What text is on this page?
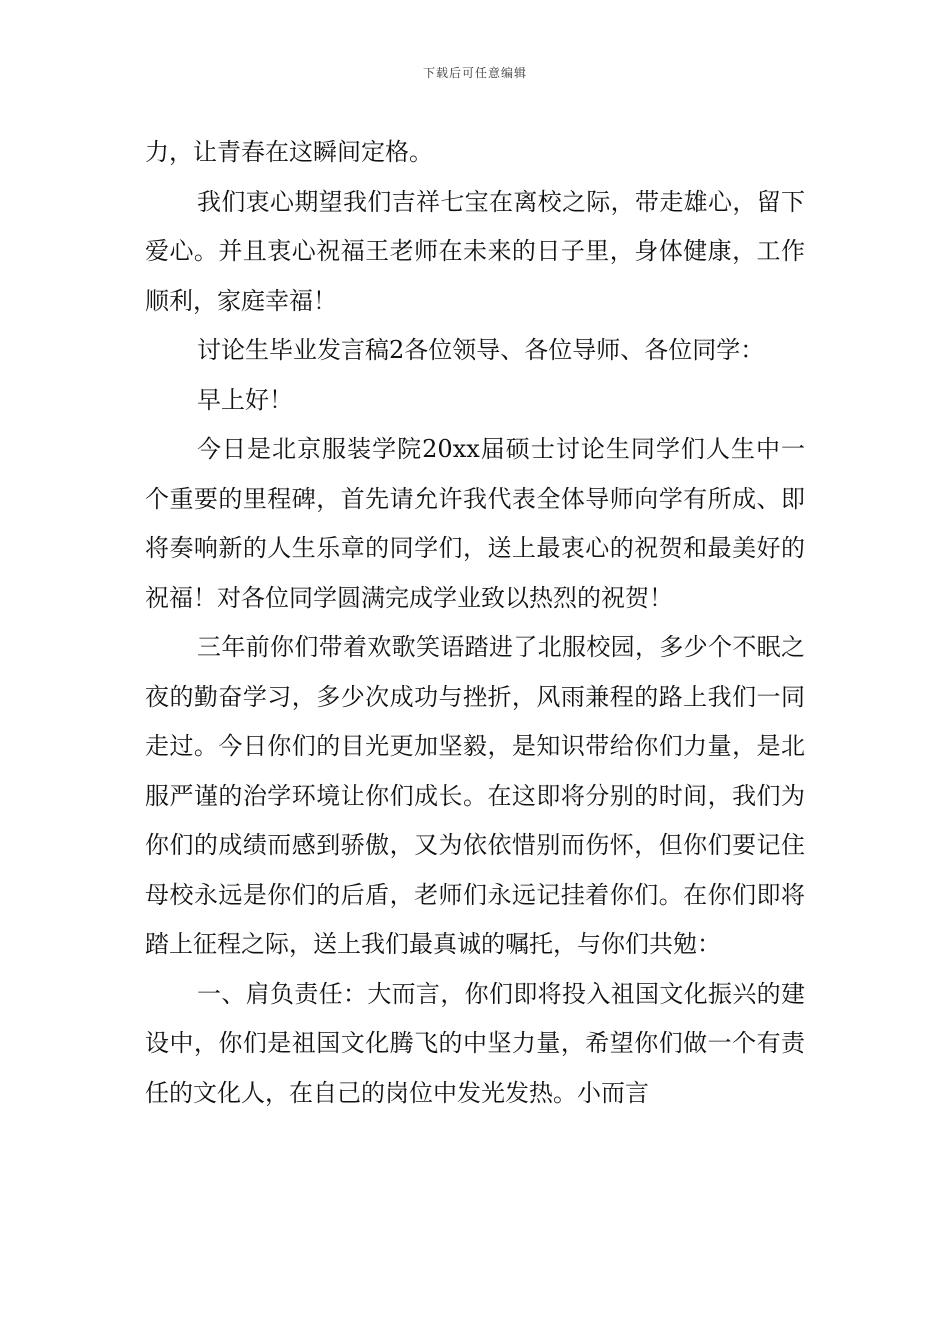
下载后可任意编辑

力，让青春在这瞬间定格。

我们衷心期望我们吉祥七宝在离校之际，带走雄心，留下爱心。并且衷心祝福王老师在未来的日子里，身体健康，工作顺利，家庭幸福！

讨论生毕业发言稿2各位领导、各位导师、各位同学：

早上好！

今日是北京服装学院20xx届硕士讨论生同学们人生中一个重要的里程碑，首先请允许我代表全体导师向学有所成、即将奏响新的人生乐章的同学们，送上最衷心的祝贺和最美好的祝福！对各位同学圆满完成学业致以热烈的祝贺！

三年前你们带着欢歌笑语踏进了北服校园，多少个不眠之夜的勤奋学习，多少次成功与挫折，风雨兼程的路上我们一同走过。今日你们的目光更加坚毅，是知识带给你们力量，是北服严谨的治学环境让你们成长。在这即将分别的时间，我们为你们的成绩而感到骄傲，又为依依惜别而伤怀，但你们要记住母校永远是你们的后盾，老师们永远记挂着你们。在你们即将踏上征程之际，送上我们最真诚的嘱托，与你们共勉：

一、肩负责任：大而言，你们即将投入祖国文化振兴的建设中，你们是祖国文化腾飞的中坚力量，希望你们做一个有责任的文化人，在自己的岗位中发光发热。小而言
